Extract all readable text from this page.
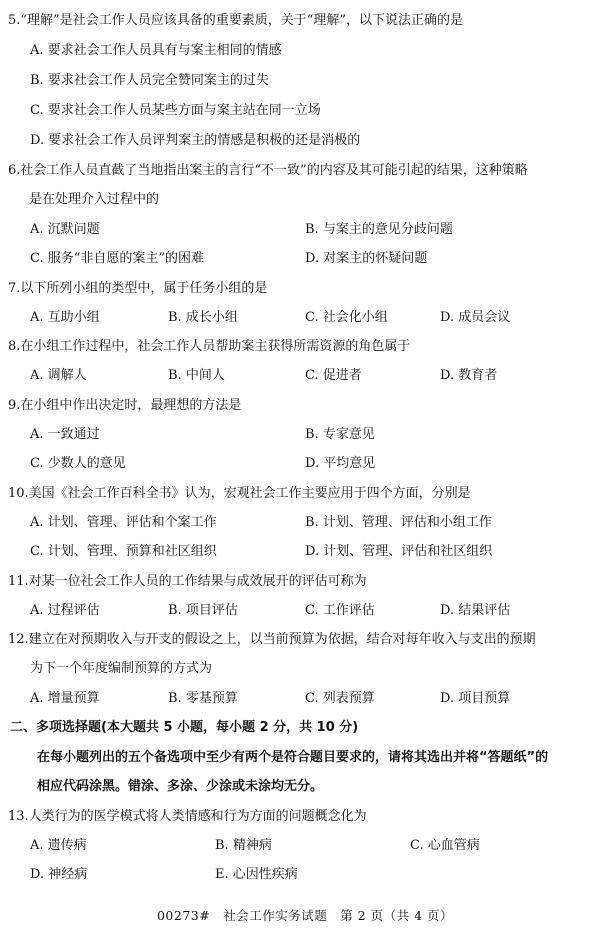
5.“理解”是社会工作人员应该具备的重要素质，关于“理解”，以下说法正确的是
A. 要求社会工作人员具有与案主相同的情感
B. 要求社会工作人员完全赞同案主的过失
C. 要求社会工作人员某些方面与案主站在同一立场
D. 要求社会工作人员评判案主的情感是积极的还是消极的
6.社会工作人员直截了当地指出案主的言行“不一致”的内容及其可能引起的结果，这种策略
是在处理介入过程中的
A. 沉默问题	B. 与案主的意见分歧问题
C. 服务“非自愿的案主”的困难	D. 对案主的怀疑问题
7.以下所列小组的类型中，属于任务小组的是
A. 互助小组	B. 成长小组	C. 社会化小组	D. 成员会议
8.在小组工作过程中，社会工作人员帮助案主获得所需资源的角色属于
A. 调解人	B. 中间人	C. 促进者	D. 教育者
9.在小组中作出决定时，最理想的方法是
A. 一致通过	B. 专家意见
C. 少数人的意见	D. 平均意见
10.美国《社会工作百科全书》认为，宏观社会工作主要应用于四个方面，分别是
A. 计划、管理、评估和个案工作	B. 计划、管理、评估和小组工作
C. 计划、管理、预算和社区组织	D. 计划、管理、评估和社区组织
11.对某一位社会工作人员的工作结果与成效展开的评估可称为
A. 过程评估	B. 项目评估	C. 工作评估	D. 结果评估
12.建立在对预期收入与开支的假设之上，以当前预算为依据，结合对每年收入与支出的预期
为下一个年度编制预算的方式为
A. 增量预算	B. 零基预算	C. 列表预算	D. 项目预算
二、多项选择题(本大题共 5 小题，每小题 2 分，共 10 分)
在每小题列出的五个备选项中至少有两个是符合题目要求的，请将其选出并将“答题纸”的
相应代码涂黑。错涂、多涂、少涂或未涂均无分。
13.人类行为的医学模式将人类情感和行为方面的问题概念化为
A. 遗传病	B. 精神病	C. 心血管病
D. 神经病	E. 心因性疾病
00273#　社会工作实务试题　第 2 页（共 4 页）
